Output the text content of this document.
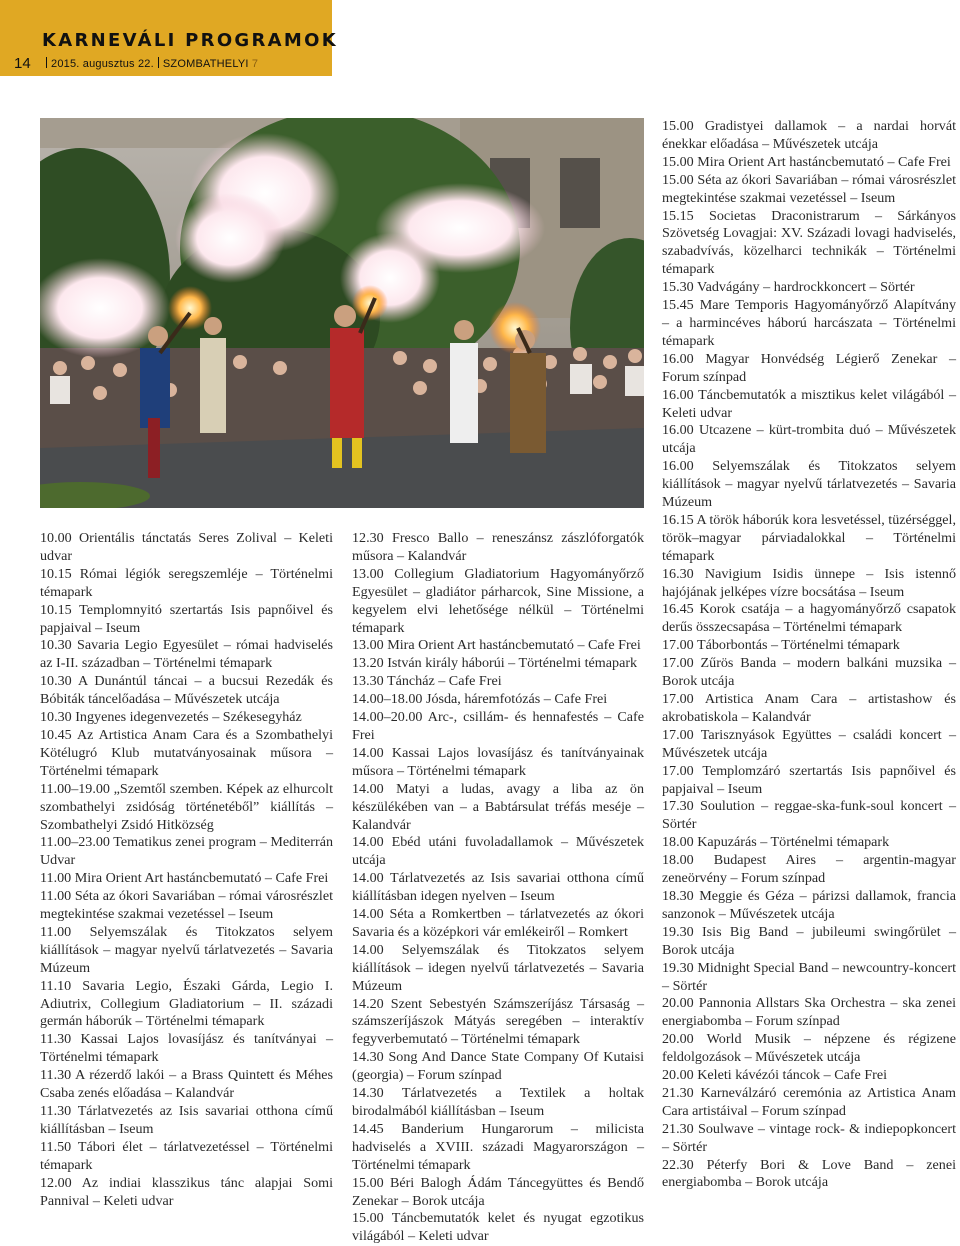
KARNEVÁLI PROGRAMOK
14	2015. augusztus 22. SZOMBATHELYI 7

10.00 Orientális tánctatás Seres Zolival – Keleti udvar

10.15 Római légiók seregszemléje – Történelmi témapark

10.15 Templomnyitó szertartás Isis papnőivel és papjaival – Iseum

10.30 Savaria Legio Egyesület – római hadviselés az I-II. században – Történelmi témapark

10.30 A Dunántúl táncai – a bucsui Rezedák és Bóbiták táncelőadása – Művészetek utcája

10.30 Ingyenes idegenvezetés – Székesegyház

10.45 Az Artistica Anam Cara és a Szombathelyi Kötélugró Klub mutatványosainak műsora – Történelmi témapark

11.00–19.00 „Szemtől szemben. Képek az elhurcolt szombathelyi zsidóság történetéből” kiállítás – Szombathelyi Zsidó Hitközség

11.00–23.00 Tematikus zenei program – Mediterrán Udvar

11.00 Mira Orient Art hastáncbemutató – Cafe Frei

11.00 Séta az ókori Savariában – római városrészlet megtekintése szakmai vezetéssel – Iseum

11.00 Selyemszálak és Titokzatos selyem kiállítások – magyar nyelvű tárlatvezetés – Savaria Múzeum

11.10 Savaria Legio, Északi Gárda, Legio I. Adiutrix, Collegium Gladiatorium – II. századi germán háborúk – Történelmi témapark

11.30 Kassai Lajos lovasíjász és tanítványai – Történelmi témapark

11.30 A rézerdő lakói – a Brass Quintett és Méhes Csaba zenés előadása – Kalandvár

11.30 Tárlatvezetés az Isis savariai otthona című kiállításban – Iseum

11.50 Tábori élet – tárlatvezetéssel – Történelmi témapark

12.00 Az indiai klasszikus tánc alapjai Somi Pannival – Keleti udvar

12.30 Fresco Ballo – reneszánsz zászlóforgatók műsora – Kalandvár

13.00 Collegium Gladiatorium Hagyományőrző Egyesület – gladiátor párharcok, Sine Missione, a kegyelem elvi lehetősége nélkül – Történelmi témapark

13.00 Mira Orient Art hastáncbemutató – Cafe Frei

13.20 István király háborúi – Történelmi témapark

13.30 Táncház – Cafe Frei

14.00–18.00 Jósda, háremfotózás – Cafe Frei

14.00–20.00 Arc-, csillám- és hennafestés – Cafe Frei

14.00 Kassai Lajos lovasíjász és tanítványainak műsora – Történelmi témapark

14.00 Matyi a ludas, avagy a liba az ön készülékében van – a Babtársulat tréfás meséje – Kalandvár

14.00 Ebéd utáni fuvoladallamok – Művészetek utcája

14.00 Tárlatvezetés az Isis savariai otthona című kiállításban idegen nyelven – Iseum

14.00 Séta a Romkertben – tárlatvezetés az ókori Savaria és a középkori vár emlékeiről – Romkert

14.00 Selyemszálak és Titokzatos selyem kiállítások – idegen nyelvű tárlatvezetés – Savaria Múzeum

14.20 Szent Sebestyén Számszeríjász Társaság – számszeríjászok Mátyás seregében – interaktív fegyverbemutató – Történelmi témapark

14.30 Song And Dance State Company Of Kutaisi (georgia) – Forum színpad

14.30 Tárlatvezetés a Textilek a holtak birodalmából kiállításban – Iseum

14.45 Banderium Hungarorum – milicista hadviselés a XVIII. századi Magyarországon – Történelmi témapark

15.00 Béri Balogh Ádám Táncegyüttes és Bendő Zenekar – Borok utcája

15.00 Táncbemutatók kelet és nyugat egzotikus világából – Keleti udvar

15.00 Gradistyei dallamok – a nardai horvát énekkar előadása – Művészetek utcája

15.00 Mira Orient Art hastáncbemutató – Cafe Frei

15.00 Séta az ókori Savariában – római városrészlet megtekintése szakmai vezetéssel – Iseum

15.15 Societas Draconistrarum – Sárkányos Szövetség Lovagjai: XV. Századi lovagi hadviselés, szabadvívás, közelharci technikák – Történelmi témapark

15.30 Vadvágány – hardrockkoncert – Sörtér

15.45 Mare Temporis Hagyományőrző Alapítvány – a harmincéves háború harcászata – Történelmi témapark

16.00 Magyar Honvédség Légierő Zenekar – Forum színpad

16.00 Táncbemutatók a misztikus kelet világából – Keleti udvar

16.00 Utcazene – kürt-trombita duó – Művészetek utcája

16.00 Selyemszálak és Titokzatos selyem kiállítások – magyar nyelvű tárlatvezetés – Savaria Múzeum

16.15 A török háborúk kora lesvetéssel, tüzérséggel, török–magyar párviadalokkal – Történelmi témapark

16.30 Navigium Isidis ünnepe – Isis istennő hajójának jelképes vízre bocsátása – Iseum

16.45 Korok csatája – a hagyományőrző csapatok derűs összecsapása – Történelmi témapark

17.00 Táborbontás – Történelmi témapark

17.00 Zűrös Banda – modern balkáni muzsika – Borok utcája

17.00 Artistica Anam Cara – artistashow és akrobatiskola – Kalandvár

17.00 Tarisznyások Együttes – családi koncert – Művészetek utcája

17.00 Templomzáró szertartás Isis papnőivel és papjaival – Iseum

17.30 Soulution – reggae-ska-funk-soul koncert – Sörtér

18.00 Kapuzárás – Történelmi témapark

18.00 Budapest Aires – argentin-magyar zeneörvény – Forum színpad

18.30 Meggie és Géza – párizsi dallamok, francia sanzonok – Művészetek utcája

19.30 Isis Big Band – jubileumi swingőrület – Borok utcája

19.30 Midnight Special Band – newcountry-koncert – Sörtér

20.00 Pannonia Allstars Ska Orchestra – ska zenei energiabomba – Forum színpad

20.00 World Musik – népzene és régizene feldolgozások – Művészetek utcája

20.00 Keleti kávézói táncok – Cafe Frei

21.30 Karneválzáró ceremónia az Artistica Anam Cara artistáival – Forum színpad

21.30 Soulwave – vintage rock- & indiepopkoncert – Sörtér

22.30 Péterfy Bori & Love Band – zenei energiabomba – Borok utcája
